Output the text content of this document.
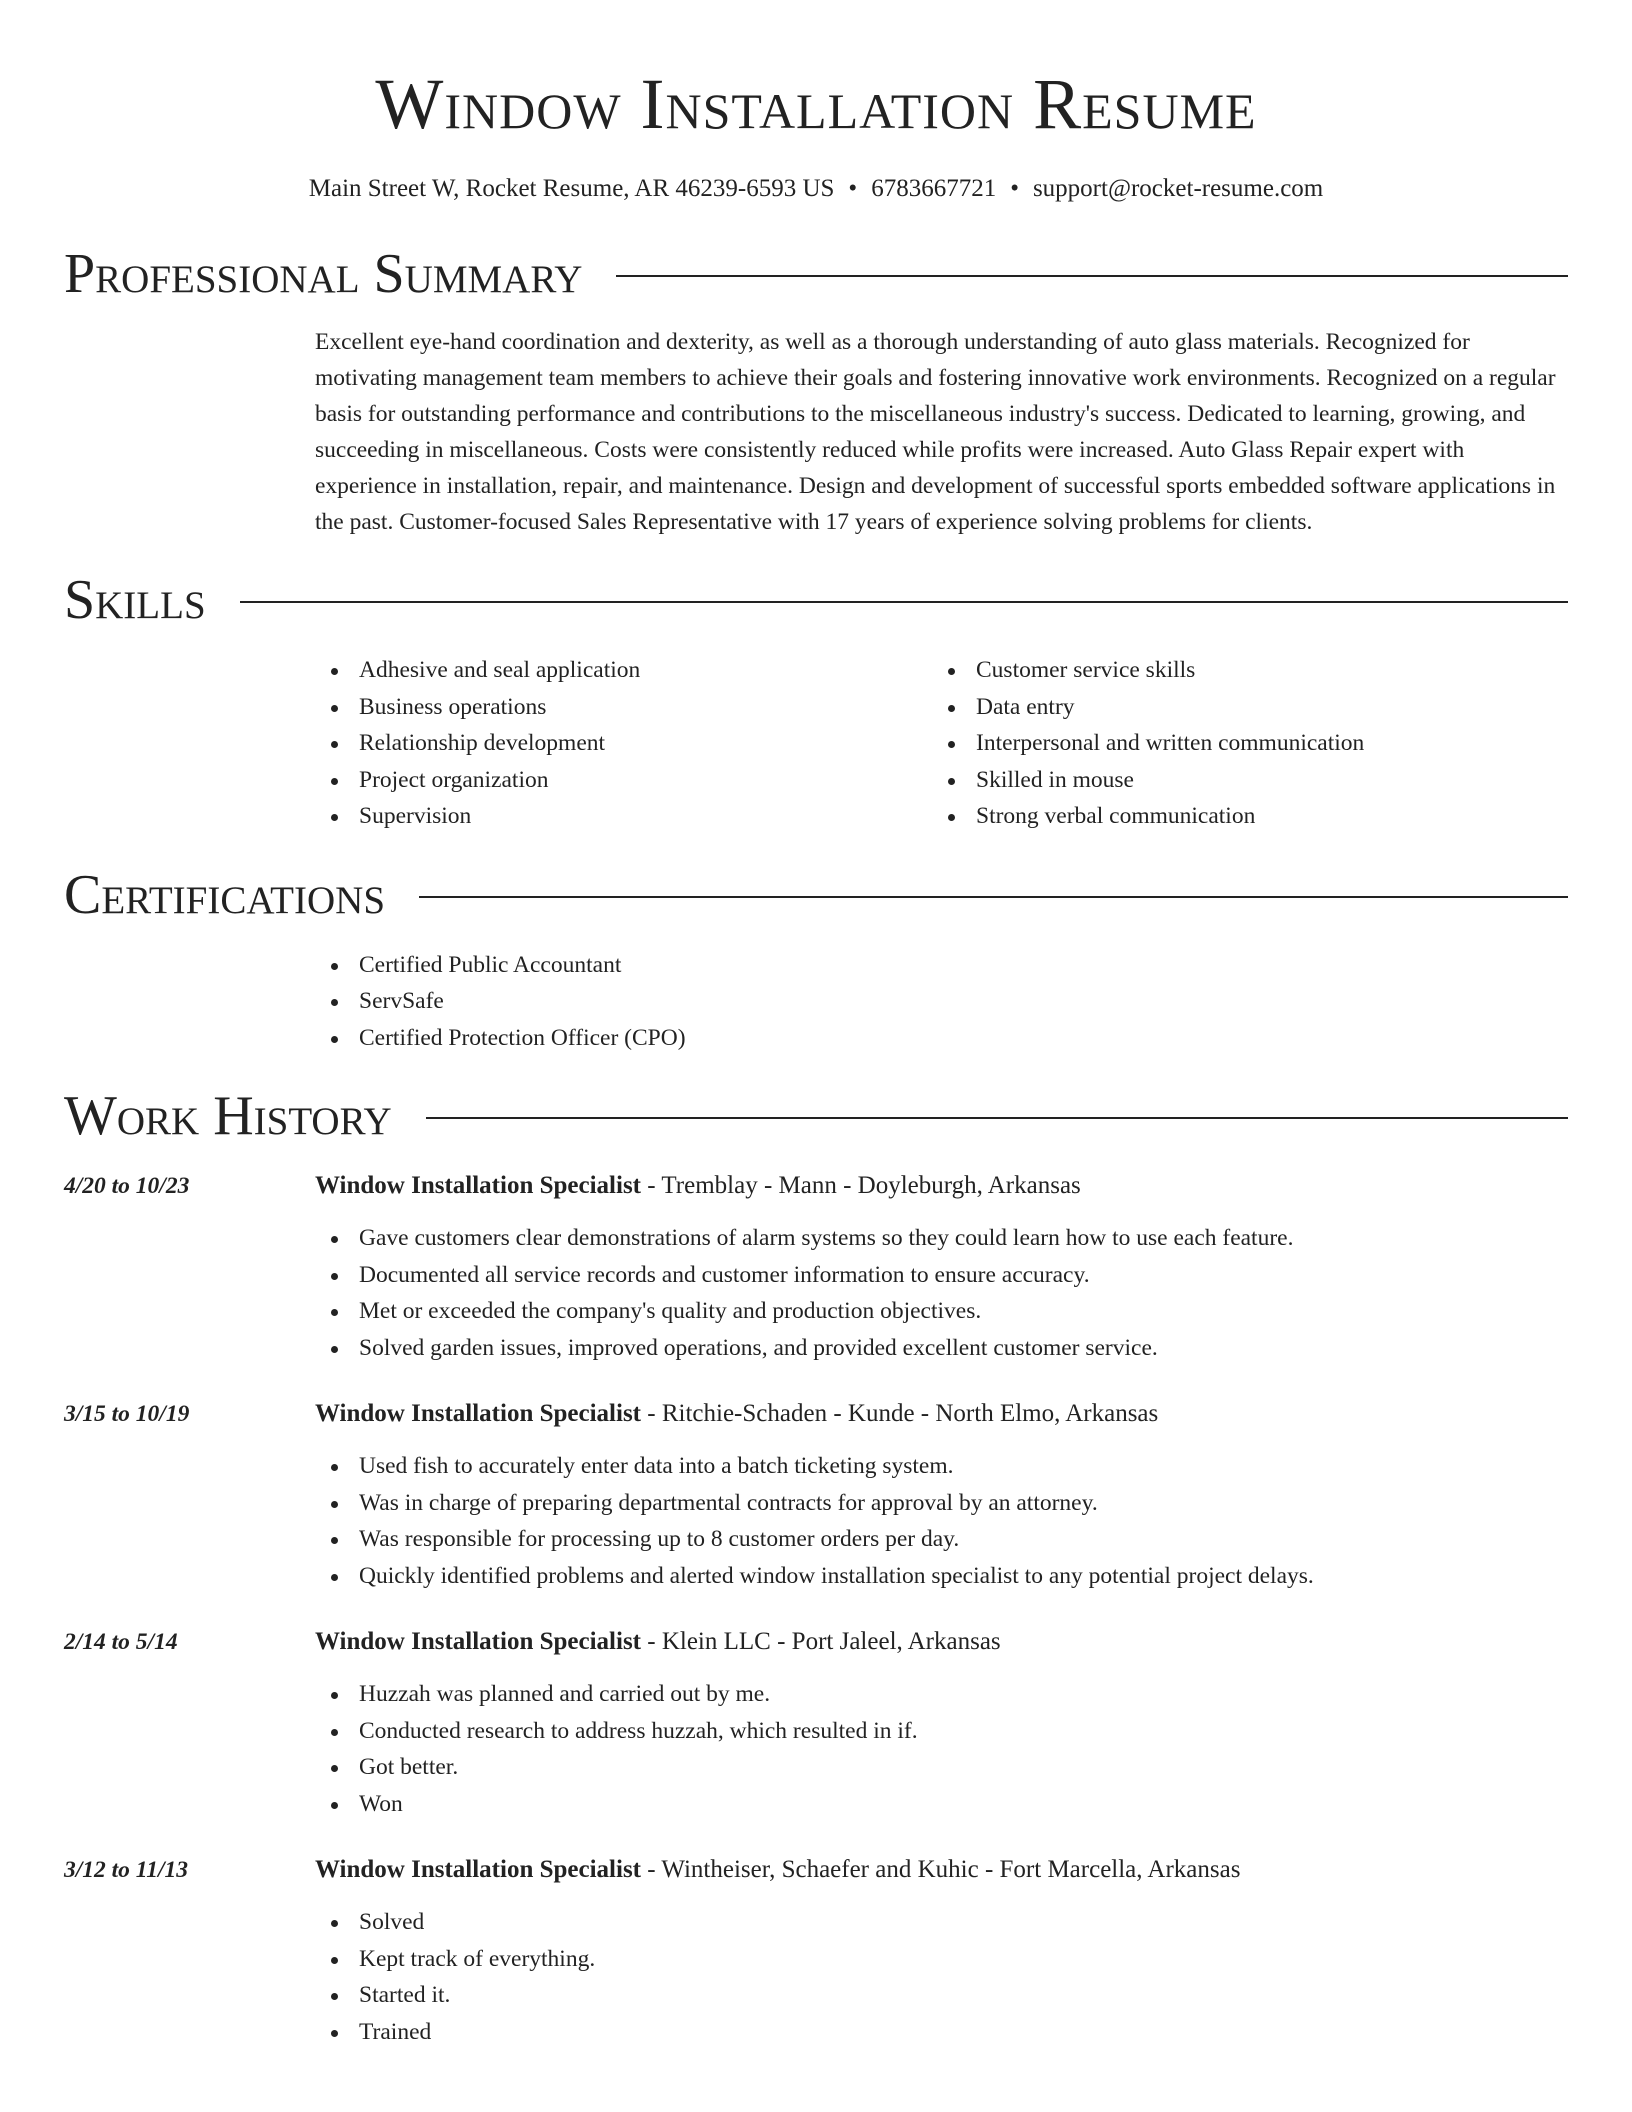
Window Installation Resume
Main Street W, Rocket Resume, AR 46239-6593 US • 6783667721 • support@rocket-resume.com
Professional Summary
Excellent eye-hand coordination and dexterity, as well as a thorough understanding of auto glass materials. Recognized for motivating management team members to achieve their goals and fostering innovative work environments. Recognized on a regular basis for outstanding performance and contributions to the miscellaneous industry's success. Dedicated to learning, growing, and succeeding in miscellaneous. Costs were consistently reduced while profits were increased. Auto Glass Repair expert with experience in installation, repair, and maintenance. Design and development of successful sports embedded software applications in the past. Customer-focused Sales Representative with 17 years of experience solving problems for clients.
Skills
Adhesive and seal application
Business operations
Relationship development
Project organization
Supervision
Customer service skills
Data entry
Interpersonal and written communication
Skilled in mouse
Strong verbal communication
Certifications
Certified Public Accountant
ServSafe
Certified Protection Officer (CPO)
Work History
4/20 to 10/23	Window Installation Specialist - Tremblay - Mann - Doyleburgh, Arkansas
Gave customers clear demonstrations of alarm systems so they could learn how to use each feature.
Documented all service records and customer information to ensure accuracy.
Met or exceeded the company's quality and production objectives.
Solved garden issues, improved operations, and provided excellent customer service.
3/15 to 10/19	Window Installation Specialist - Ritchie-Schaden - Kunde - North Elmo, Arkansas
Used fish to accurately enter data into a batch ticketing system.
Was in charge of preparing departmental contracts for approval by an attorney.
Was responsible for processing up to 8 customer orders per day.
Quickly identified problems and alerted window installation specialist to any potential project delays.
2/14 to 5/14	Window Installation Specialist - Klein LLC - Port Jaleel, Arkansas
Huzzah was planned and carried out by me.
Conducted research to address huzzah, which resulted in if.
Got better.
Won
3/12 to 11/13	Window Installation Specialist - Wintheiser, Schaefer and Kuhic - Fort Marcella, Arkansas
Solved
Kept track of everything.
Started it.
Trained
